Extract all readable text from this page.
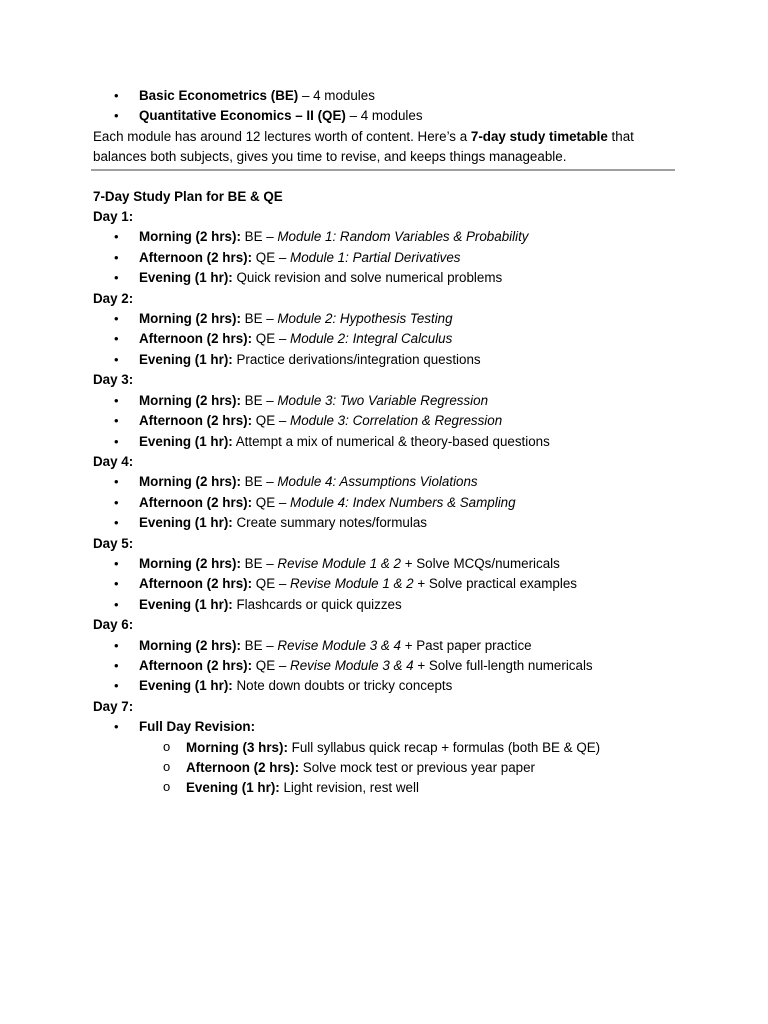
• Basic Econometrics (BE) – 4 modules
• Quantitative Economics – II (QE) – 4 modules

Each module has around 12 lectures worth of content. Here’s a 7-day study timetable that balances both subjects, gives you time to revise, and keeps things manageable.

7-Day Study Plan for BE & QE
Day 1:
• Morning (2 hrs): BE – Module 1: Random Variables & Probability
• Afternoon (2 hrs): QE – Module 1: Partial Derivatives
• Evening (1 hr): Quick revision and solve numerical problems
Day 2:
• Morning (2 hrs): BE – Module 2: Hypothesis Testing
• Afternoon (2 hrs): QE – Module 2: Integral Calculus
• Evening (1 hr): Practice derivations/integration questions
Day 3:
• Morning (2 hrs): BE – Module 3: Two Variable Regression
• Afternoon (2 hrs): QE – Module 3: Correlation & Regression
• Evening (1 hr): Attempt a mix of numerical & theory-based questions
Day 4:
• Morning (2 hrs): BE – Module 4: Assumptions Violations
• Afternoon (2 hrs): QE – Module 4: Index Numbers & Sampling
• Evening (1 hr): Create summary notes/formulas
Day 5:
• Morning (2 hrs): BE – Revise Module 1 & 2 + Solve MCQs/numericals
• Afternoon (2 hrs): QE – Revise Module 1 & 2 + Solve practical examples
• Evening (1 hr): Flashcards or quick quizzes
Day 6:
• Morning (2 hrs): BE – Revise Module 3 & 4 + Past paper practice
• Afternoon (2 hrs): QE – Revise Module 3 & 4 + Solve full-length numericals
• Evening (1 hr): Note down doubts or tricky concepts
Day 7:
• Full Day Revision:
o Morning (3 hrs): Full syllabus quick recap + formulas (both BE & QE)
o Afternoon (2 hrs): Solve mock test or previous year paper
o Evening (1 hr): Light revision, rest well
